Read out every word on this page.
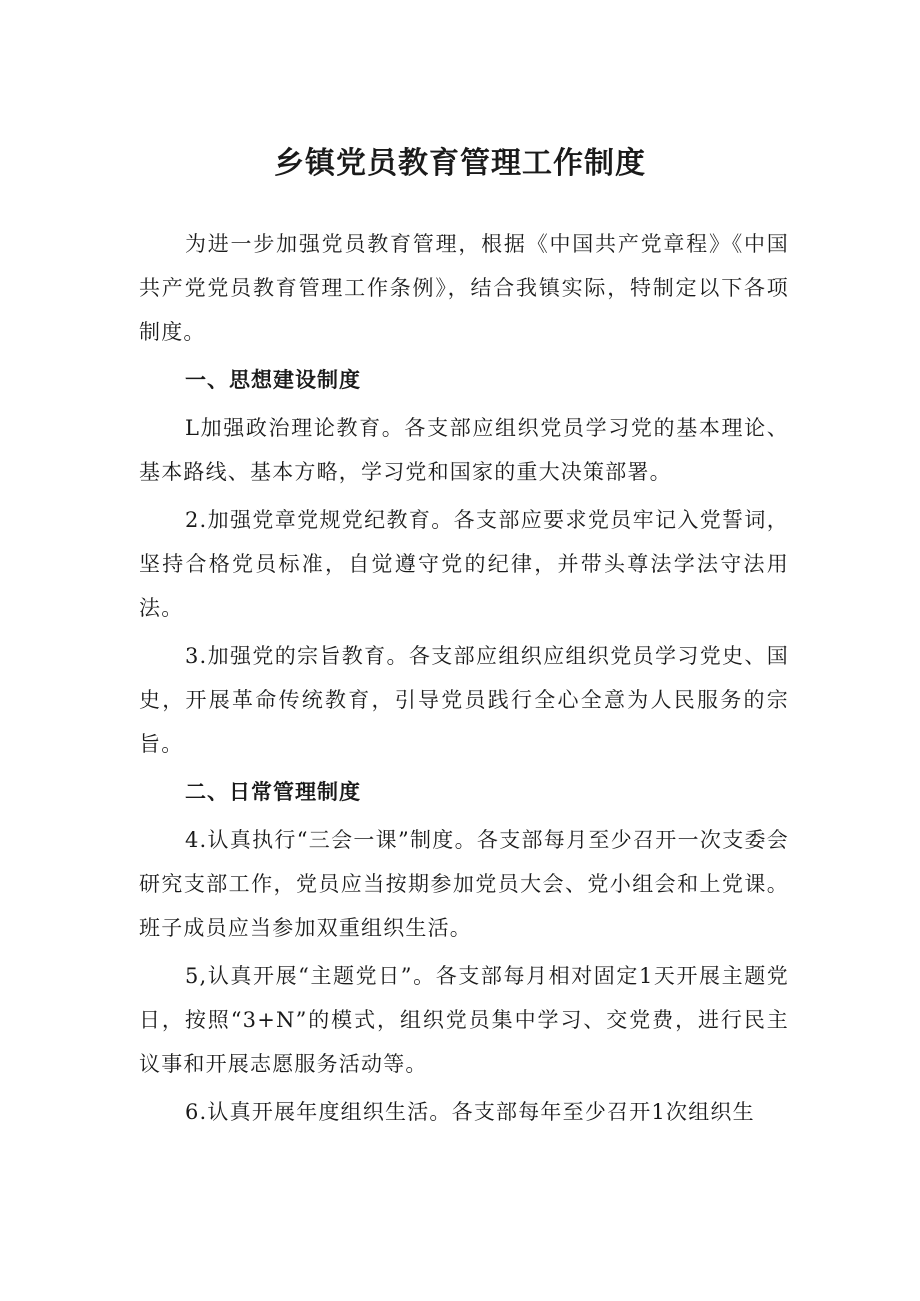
乡镇党员教育管理工作制度

为进一步加强党员教育管理，根据《中国共产党章程》《中国共产党党员教育管理工作条例》，结合我镇实际，特制定以下各项制度。

一、思想建设制度

L加强政治理论教育。各支部应组织党员学习党的基本理论、基本路线、基本方略，学习党和国家的重大决策部署。

2.加强党章党规党纪教育。各支部应要求党员牢记入党誓词，坚持合格党员标准，自觉遵守党的纪律，并带头尊法学法守法用法。

3.加强党的宗旨教育。各支部应组织应组织党员学习党史、国史，开展革命传统教育，引导党员践行全心全意为人民服务的宗旨。

二、日常管理制度

4.认真执行“三会一课”制度。各支部每月至少召开一次支委会研究支部工作，党员应当按期参加党员大会、党小组会和上党课。班子成员应当参加双重组织生活。

5,认真开展“主题党日”。各支部每月相对固定1天开展主题党日，按照“3+N”的模式，组织党员集中学习、交党费，进行民主议事和开展志愿服务活动等。

6.认真开展年度组织生活。各支部每年至少召开1次组织生
